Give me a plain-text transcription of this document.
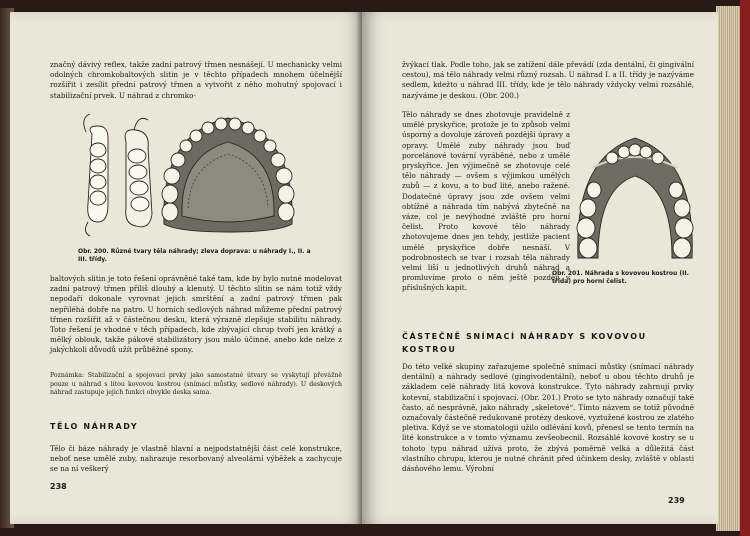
značný dávivý reflex, takže zadní patrový třmen nesnášejí. U mechanicky velmi odolných chromkobaltových slitin je v těchto případech mnohem účelnější rozšířit i zesílit přední patrový třmen a vytvořit z něho mohutný spojovací i stabilizační prvek. U náhrad z chromko-

Obr. 200. Různé tvary těla náhrady; zleva doprava: u náhrady I., II. a III. třídy.

baltových slitin je toto řešení oprávněné také tam, kde by bylo nutné modelovat zadní patrový třmen příliš dlouhý a klenutý. U těchto slitin se nám totiž vždy nepodaří dokonale vyrovnat jejich smrštění a zadní patrový třmen pak nepřiléhá dobře na patro. U horních sedlových náhrad můžeme přední patrový třmen rozšířit až v částečnou desku, která výrazně zlepšuje stabilitu náhrady. Toto řešení je vhodné v těch případech, kde zbývající chrup tvoří jen krátký a mělký oblouk, takže pákové stabilizátory jsou málo účinné, anebo kde nelze z jakýchkoli důvodů užít průběžné spony.

Poznámka: Stabilizační a spojovací prvky jako samostatné útvary se vyskytují převážně pouze u náhrad s litou kovovou kostrou (snímací můstky, sedlové náhrady). U deskových náhrad zastupuje jejich funkci obvykle deska sama.

TĚLO NÁHRADY

Tělo či báze náhrady je vlastně hlavní a nejpodstatnější část celé konstrukce, neboť nese umělé zuby, nahrazuje resorbovaný alveolární výběžek a zachycuje se na ní veškerý

238

žvýkací tlak. Podle toho, jak se zatížení dále převádí (zda dentální, či gingivální cestou), má tělo náhrady velmi různý rozsah. U náhrad I. a II. třídy je nazýváme sedlem, kdežto u náhrad III. třídy, kde je tělo náhrady vždycky velmi rozsáhlé, nazýváme je deskou. (Obr. 200.)

Tělo náhrady se dnes zhotovuje pravidelně z umělé pryskyřice, protože je to způsob velmi úsporný a dovoluje zároveň pozdější úpravy a opravy. Umělé zuby náhrady jsou buď porcelánové tovární vyráběné, nebo z umělé pryskyřice. Jen výjimečně se zhotovuje celé tělo náhrady — ovšem s výjimkou umělých zubů — z kovu, a to buď lité, anebo ražené. Dodatečné úpravy jsou zde ovšem velmi obtížné a náhrada tím nabývá zbytečně na váze, col je nevýhodné zvláště pro horní čelist. Proto kovové tělo náhrady zhotovujeme dnes jen tehdy, jestliže pacient umělé pryskyřice dobře nesnáší. V podrobnostech se tvar i rozsah těla náhrady velmi liší u jednotlivých druhů náhrad a promluvíme proto o něm ještě později v příslušných kapit.

Obr. 201. Náhrada s kovovou kostrou (II. třída) pro horní čelist.
ČÁSTEČNĚ SNÍMACÍ NÁHRADY S KOVOVOU KOSTROU

Do této velké skupiny zařazujeme společně snímací můstky (snímací náhrady dentální) a náhrady sedlové (gingivodentální), neboť u obou těchto druhů je základem celé náhrady litá kovová konstrukce. Tyto náhrady zahrnují prvky kotevní, stabilizační i spojovací. (Obr. 201.) Proto se tyto náhrady označují také často, ač nesprávně, jako náhrady „skeletové“. Tímto názvem se totiž původně označovaly částečně redukované protézy deskové, vyztužené kostrou ze zlatého pletiva. Když se ve stomatologii užilo odlévání kovů, přenesl se tento termín na lité konstrukce a v tomto významu zevšeobecnil. Rozsáhlé kovové kostry se u tohoto typu náhrad užívá proto, že zbývá poměrně velká a důležitá část vlastního chrupu, kterou je nutné chránit před účinkem desky, zvláště v oblasti dásňového lemu. Výrobní

239
